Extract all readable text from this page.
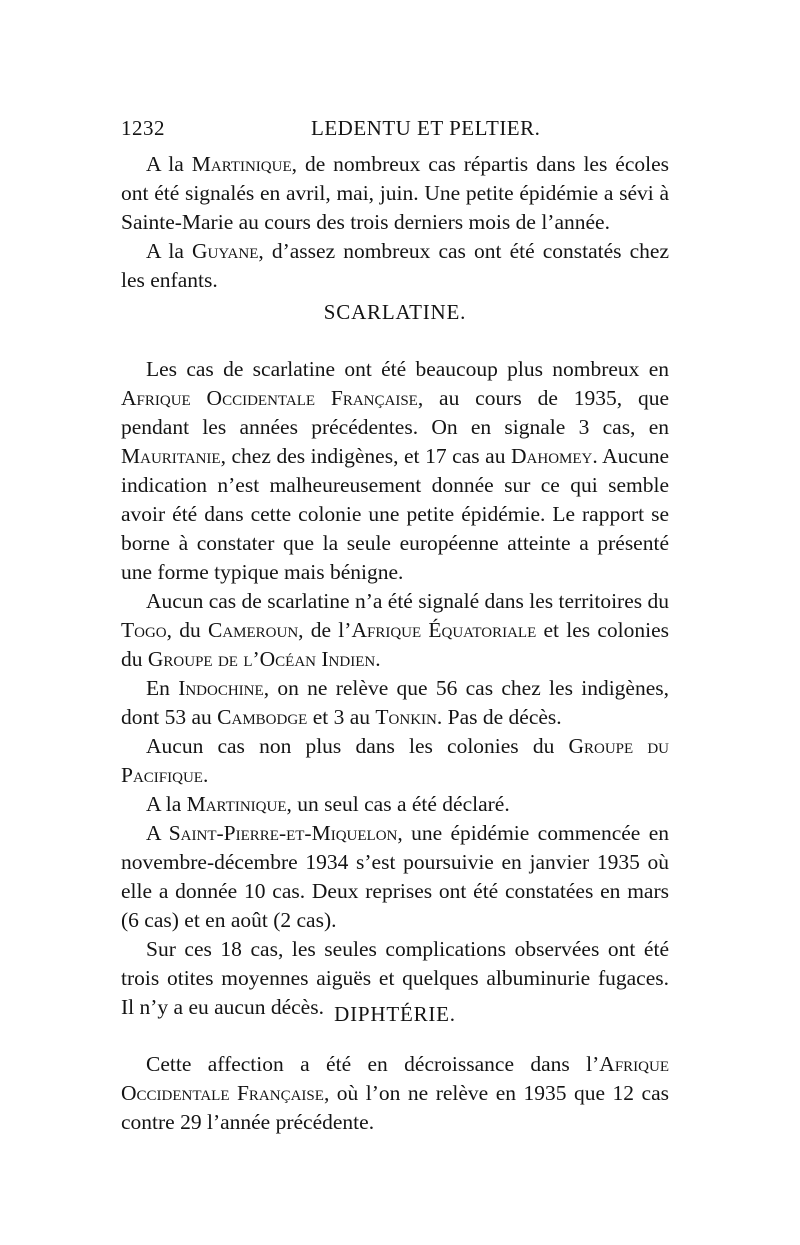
1232	LEDENTU ET PELTIER.

A la Martinique, de nombreux cas répartis dans les écoles ont été signalés en avril, mai, juin. Une petite épidémie a sévi à Sainte-Marie au cours des trois derniers mois de l’année.

A la Guyane, d’assez nombreux cas ont été constatés chez les enfants.

SCARLATINE.

Les cas de scarlatine ont été beaucoup plus nombreux en Afrique Occidentale Française, au cours de 1935, que pendant les années précédentes. On en signale 3 cas, en Mauritanie, chez des indigènes, et 17 cas au Dahomey. Aucune indication n’est malheureusement donnée sur ce qui semble avoir été dans cette colonie une petite épidémie. Le rapport se borne à constater que la seule européenne atteinte a présenté une forme typique mais bénigne.

Aucun cas de scarlatine n’a été signalé dans les territoires du Togo, du Cameroun, de l’Afrique Équatoriale et les colonies du Groupe de l’Océan Indien.

En Indochine, on ne relève que 56 cas chez les indigènes, dont 53 au Cambodge et 3 au Tonkin. Pas de décès.

Aucun cas non plus dans les colonies du Groupe du Pacifique.

A la Martinique, un seul cas a été déclaré.

A Saint-Pierre-et-Miquelon, une épidémie commencée en novembre-décembre 1934 s’est poursuivie en janvier 1935 où elle a donnée 10 cas. Deux reprises ont été constatées en mars (6 cas) et en août (2 cas).

Sur ces 18 cas, les seules complications observées ont été trois otites moyennes aiguës et quelques albuminurie fugaces. Il n’y a eu aucun décès. DIPHTÉRIE.

Cette affection a été en décroissance dans l’Afrique Occidentale Française, où l’on ne relève en 1935 que 12 cas contre 29 l’année précédente.
